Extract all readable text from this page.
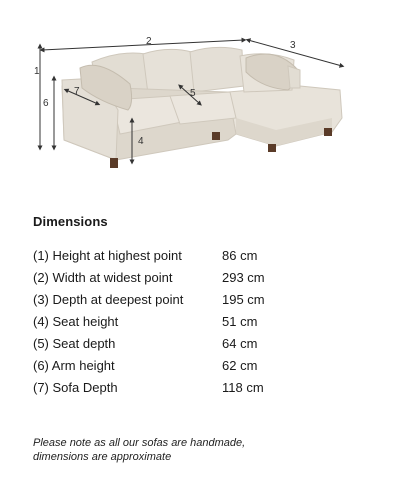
1
2	3
4
5
6
7
Dimensions
(1) Height at highest point	86 cm
(2) Width at widest point	293 cm
(3) Depth at deepest point	195 cm
(4) Seat height	51 cm
(5) Seat depth	64 cm
(6) Arm height	62 cm
(7) Sofa Depth	118 cm
Please note as all our sofas are handmade,
dimensions are approximate
